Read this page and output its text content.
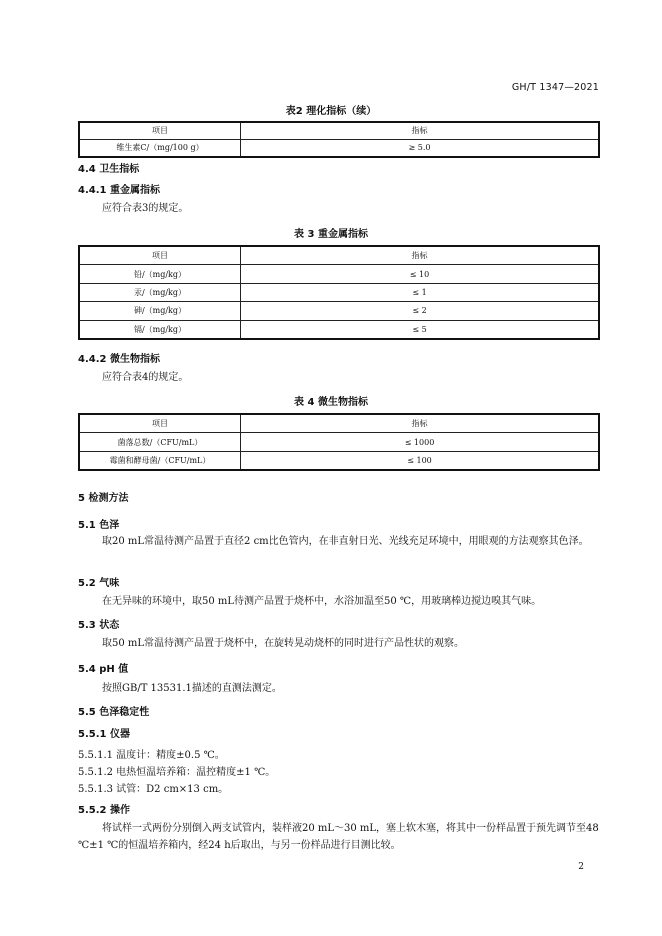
GH/T 1347—2021
表2 理化指标（续）
项目	指标
维生素C/（mg/100 g）	≥ 5.0
4.4 卫生指标
4.4.1 重金属指标
应符合表3的规定。
表 3 重金属指标
项目	指标
铅/（mg/kg）	≤ 10
汞/（mg/kg）	≤ 1
砷/（mg/kg）	≤ 2
镉/（mg/kg）	≤ 5
4.4.2 微生物指标
应符合表4的规定。
表 4 微生物指标
项目	指标
菌落总数/（CFU/mL）	≤ 1000
霉菌和酵母菌/（CFU/mL）	≤ 100
5 检测方法
5.1 色泽
取20 mL常温待测产品置于直径2 cm比色管内，在非直射日光、光线充足环境中，用眼观的方法观察其色泽。
5.2 气味
在无异味的环境中，取50 mL待测产品置于烧杯中，水浴加温至50 ℃，用玻璃棒边搅边嗅其气味。
5.3 状态
取50 mL常温待测产品置于烧杯中，在旋转晃动烧杯的同时进行产品性状的观察。
5.4 pH 值
按照GB/T 13531.1描述的直测法测定。
5.5 色泽稳定性
5.5.1 仪器
5.5.1.1 温度计：精度±0.5 ℃。
5.5.1.2 电热恒温培养箱：温控精度±1 ℃。
5.5.1.3 试管：D2 cm×13 cm。
5.5.2 操作
将试样一式两份分别倒入两支试管内，装样液20 mL～30 mL，塞上软木塞，将其中一份样品置于预先调节至48 ℃±1 ℃的恒温培养箱内，经24 h后取出，与另一份样品进行目测比较。
2
